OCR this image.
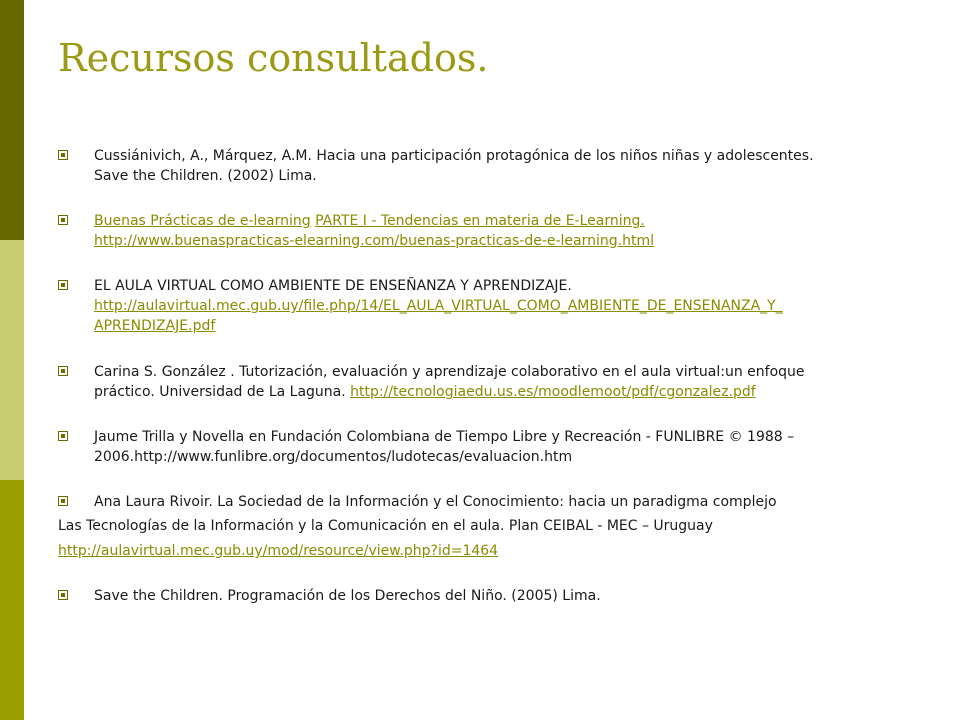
Recursos consultados.
Cussiánivich, A., Márquez, A.M. Hacia una participación protagónica de los niños niñas y adolescentes.
Save the Children. (2002) Lima.
Buenas Prácticas de e-learning PARTE I - Tendencias en materia de E-Learning.
http://www.buenaspracticas-elearning.com/buenas-practicas-de-e-learning.html
EL AULA VIRTUAL COMO AMBIENTE DE ENSEÑANZA Y APRENDIZAJE.
http://aulavirtual.mec.gub.uy/file.php/14/EL_AULA_VIRTUAL_COMO_AMBIENTE_DE_ENSENANZA_Y_
APRENDIZAJE.pdf
Carina S. González . Tutorización, evaluación y aprendizaje colaborativo en el aula virtual:un enfoque
práctico. Universidad de La Laguna. http://tecnologiaedu.us.es/moodlemoot/pdf/cgonzalez.pdf
Jaume Trilla y Novella en Fundación Colombiana de Tiempo Libre y Recreación - FUNLIBRE © 1988 –
2006.http://www.funlibre.org/documentos/ludotecas/evaluacion.htm
Ana Laura Rivoir. La Sociedad de la Información y el Conocimiento: hacia un paradigma complejo
Las Tecnologías de la Información y la Comunicación en el aula. Plan CEIBAL - MEC – Uruguay
http://aulavirtual.mec.gub.uy/mod/resource/view.php?id=1464
Save the Children. Programación de los Derechos del Niño. (2005) Lima.
